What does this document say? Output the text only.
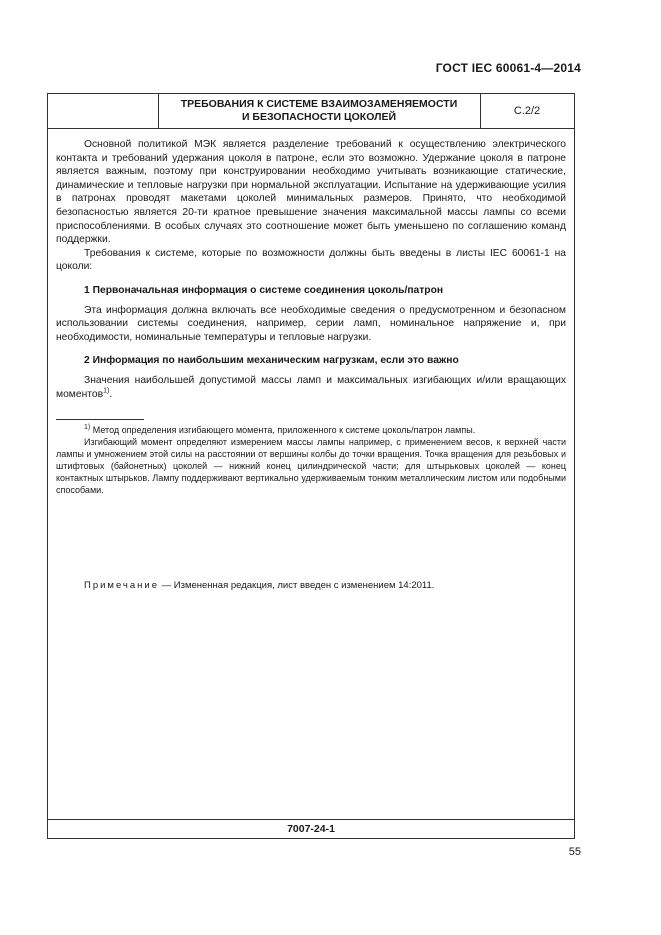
ГОСТ IEC 60061-4—2014
ТРЕБОВАНИЯ К СИСТЕМЕ ВЗАИМОЗАМЕНЯЕМОСТИ
И БЕЗОПАСНОСТИ ЦОКОЛЕЙ	С.2/2

Основной политикой МЭК является разделение требований к осуществлению электрического контакта и требований удержания цоколя в патроне, если это возможно. Удержание цоколя в патроне является важным, поэтому при конструировании необходимо учитывать возникающие статические, динамические и тепловые нагрузки при нормальной эксплуатации. Испытание на удерживающие усилия в патронах проводят макетами цоколей минимальных размеров. Принято, что необходимой безопасностью является 20-ти кратное превышение значения максимальной массы лампы со всеми приспособлениями. В особых случаях это соотношение может быть уменьшено по соглашению команд поддержки.

Требования к системе, которые по возможности должны быть введены в листы IEC 60061-1 на цоколи:

1 Первоначальная информация о системе соединения цоколь/патрон

Эта информация должна включать все необходимые сведения о предусмотренном и безопасном использовании системы соединения, например, серии ламп, номинальное напряжение и, при необходимости, номинальные температуры и тепловые нагрузки.

2 Информация по наибольшим механическим нагрузкам, если это важно

Значения наибольшей допустимой массы ламп и максимальных изгибающих и/или вращающих моментов$^{1)}$.

$^{1)}$ Метод определения изгибающего момента, приложенного к системе цоколь/патрон лампы.

Изгибающий момент определяют измерением массы лампы например, с применением весов, к верхней части лампы и умножением этой силы на расстоянии от вершины колбы до точки вращения. Точка вращения для резьбовых и штифтовых (байонетных) цоколей — нижний конец цилиндрической части; для штырьковых цоколей — конец контактных штырьков. Лампу поддерживают вертикально удерживаемым тонким металлическим листом или подобными способами.

Примечание — Измененная редакция, лист введен с изменением 14:2011.
7007-24-1
55
